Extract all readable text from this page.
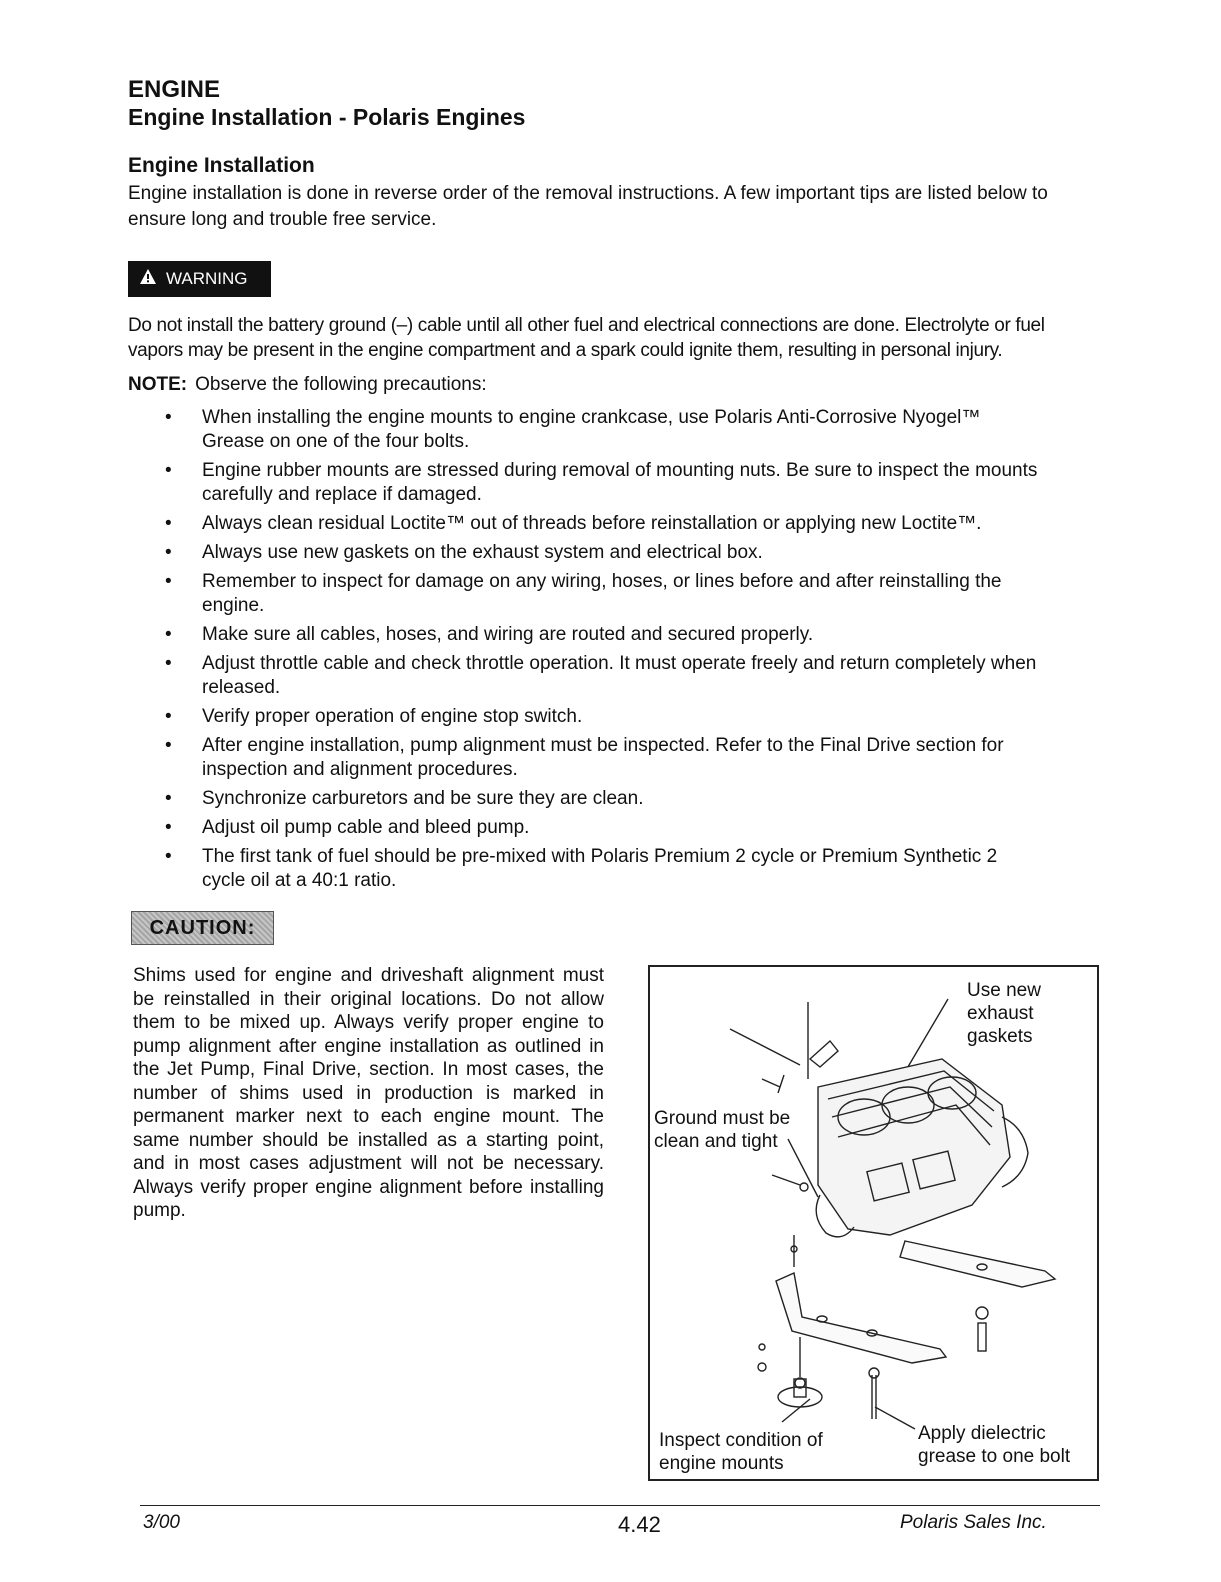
ENGINE
Engine Installation - Polaris Engines
Engine Installation
Engine installation is done in reverse order of the removal instructions. A few important tips are listed below to ensure long and trouble free service.
WARNING
Do not install the battery ground (–) cable until all other fuel and electrical connections are done. Electrolyte or fuel vapors may be present in the engine compartment and a spark could ignite them, resulting in personal injury.
NOTE: Observe the following precautions:
• When installing the engine mounts to engine crankcase, use Polaris Anti-Corrosive Nyogel™ Grease on one of the four bolts.
• Engine rubber mounts are stressed during removal of mounting nuts. Be sure to inspect the mounts carefully and replace if damaged.
• Always clean residual Loctite™ out of threads before reinstallation or applying new Loctite™.
• Always use new gaskets on the exhaust system and electrical box.
• Remember to inspect for damage on any wiring, hoses, or lines before and after reinstalling the engine.
• Make sure all cables, hoses, and wiring are routed and secured properly.
• Adjust throttle cable and check throttle operation. It must operate freely and return completely when released.
• Verify proper operation of engine stop switch.
• After engine installation, pump alignment must be inspected. Refer to the Final Drive section for inspection and alignment procedures.
• Synchronize carburetors and be sure they are clean.
• Adjust oil pump cable and bleed pump.
• The first tank of fuel should be pre-mixed with Polaris Premium 2 cycle or Premium Synthetic 2 cycle oil at a 40:1 ratio.
CAUTION:
Shims used for engine and driveshaft alignment must be reinstalled in their original locations. Do not allow them to be mixed up. Always verify proper engine to pump alignment after engine installation as outlined in the Jet Pump, Final Drive, section. In most cases, the number of shims used in production is marked in permanent marker next to each engine mount. The same number should be installed as a starting point, and in most cases adjustment will not be necessary. Always verify proper engine alignment before installing pump.
Use new
exhaust
gaskets
Ground must be
clean and tight
Inspect condition of
engine mounts
Apply dielectric
grease to one bolt
3/00	4.42	Polaris Sales Inc.
